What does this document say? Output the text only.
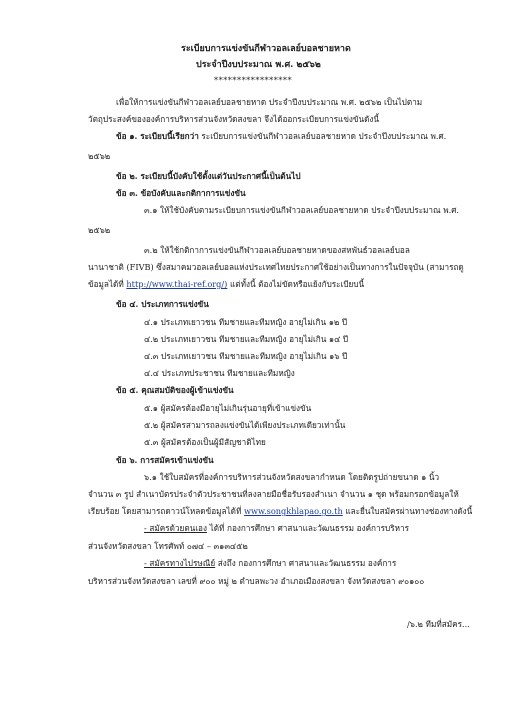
ระเบียบการแข่งขันกีฬาวอลเลย์บอลชายหาด
ประจำปีงบประมาณ พ.ศ. ๒๕๖๒
*****************
เพื่อให้การแข่งขันกีฬาวอลเลย์บอลชายหาด ประจำปีงบประมาณ พ.ศ. ๒๕๖๒ เป็นไปตาม
วัตถุประสงค์ขององค์การบริหารส่วนจังหวัดสงขลา จึงได้ออกระเบียบการแข่งขันดังนี้
ข้อ ๑. ระเบียบนี้เรียกว่า ระเบียบการแข่งขันกีฬาวอลเลย์บอลชายหาด ประจำปีงบประมาณ พ.ศ.
๒๕๖๒
ข้อ ๒. ระเบียบนี้บังคับใช้ตั้งแต่วันประกาศนี้เป็นต้นไป
ข้อ ๓. ข้อบังคับและกติกาการแข่งขัน
๓.๑ ให้ใช้บังคับตามระเบียบการแข่งขันกีฬาวอลเลย์บอลชายหาด ประจำปีงบประมาณ พ.ศ.
๒๕๖๒
๓.๒ ให้ใช้กติกาการแข่งขันกีฬาวอลเลย์บอลชายหาดของสหพันธ์วอลเลย์บอล
นานาชาติ (FIVB) ซึ่งสมาคมวอลเลย์บอลแห่งประเทศไทยประกาศใช้อย่างเป็นทางการในปัจจุบัน (สามารถดู
ข้อมูลได้ที่ http://www.thai-ref.org/) แต่ทั้งนี้ ต้องไม่ขัดหรือแย้งกับระเบียบนี้
ข้อ ๔. ประเภทการแข่งขัน
๔.๑ ประเภทเยาวชน ทีมชายและทีมหญิง อายุไม่เกิน ๑๒ ปี
๔.๒ ประเภทเยาวชน ทีมชายและทีมหญิง อายุไม่เกิน ๑๔ ปี
๔.๓ ประเภทเยาวชน ทีมชายและทีมหญิง อายุไม่เกิน ๑๖ ปี
๔.๔ ประเภทประชาชน ทีมชายและทีมหญิง
ข้อ ๕. คุณสมบัติของผู้เข้าแข่งขัน
๕.๑ ผู้สมัครต้องมีอายุไม่เกินรุ่นอายุที่เข้าแข่งขัน
๕.๒ ผู้สมัครสามารถลงแข่งขันได้เพียงประเภทเดียวเท่านั้น
๕.๓ ผู้สมัครต้องเป็นผู้มีสัญชาติไทย
ข้อ ๖. การสมัครเข้าแข่งขัน
๖.๑ ใช้ใบสมัครที่องค์การบริหารส่วนจังหวัดสงขลากำหนด โดยติดรูปถ่ายขนาด ๑ นิ้ว
จำนวน ๓ รูป สำเนาบัตรประจำตัวประชาชนที่ลงลายมือชื่อรับรองสำเนา จำนวน ๑ ชุด พร้อมกรอกข้อมูลให้
เรียบร้อย โดยสามารถดาวน์โหลดข้อมูลได้ที่ www.songkhlapao.go.th และยื่นใบสมัครผ่านทางช่องทางดังนี้
- สมัครด้วยตนเอง ได้ที่ กองการศึกษา ศาสนาและวัฒนธรรม องค์การบริหาร
ส่วนจังหวัดสงขลา โทรศัพท์ ๐๗๔ – ๓๑๓๔๕๒
- สมัครทางไปรษณีย์ ส่งถึง กองการศึกษา ศาสนาและวัฒนธรรม องค์การ
บริหารส่วนจังหวัดสงขลา เลขที่ ๙๐๐ หมู่ ๒ ตำบลพะวง อำเภอเมืองสงขลา จังหวัดสงขลา ๙๐๑๐๐
/๖.๒ ทีมที่สมัคร...
